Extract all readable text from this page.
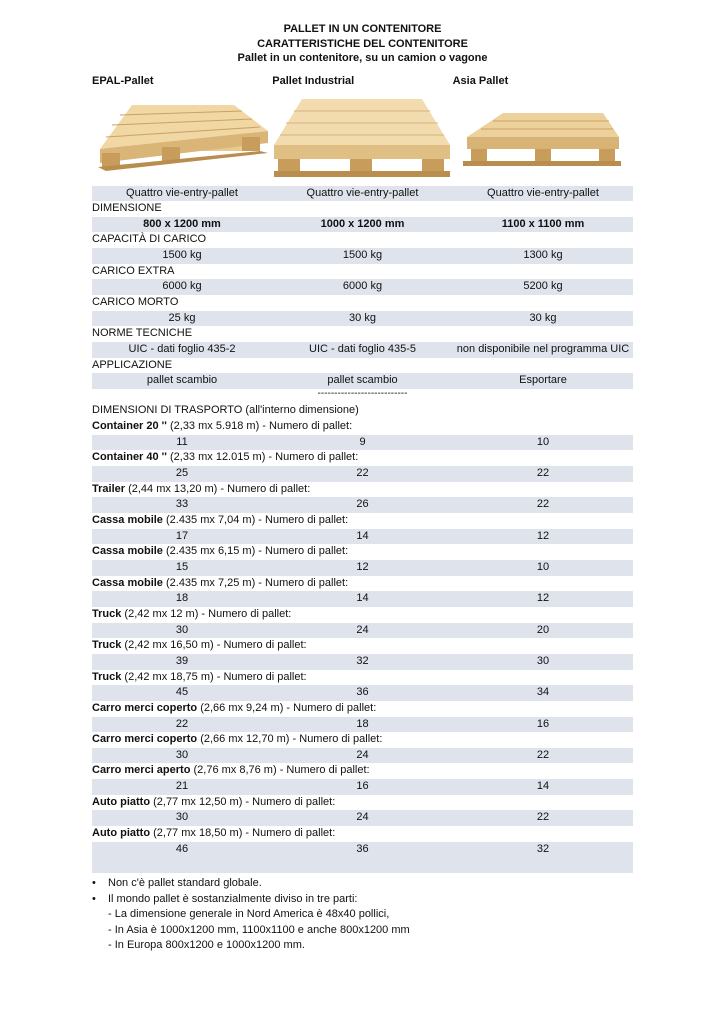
PALLET IN UN CONTENITORE
CARATTERISTICHE DEL CONTENITORE
Pallet in un contenitore, su un camion o vagone
EPAL-Pallet	Pallet Industrial	Asia Pallet
Quattro vie-entry-pallet	Quattro vie-entry-pallet	Quattro vie-entry-pallet
DIMENSIONE		
800 x 1200 mm	1000 x 1200 mm	1100 x 1100 mm
CAPACITÀ DI CARICO		
1500 kg	1500 kg	1300 kg
CARICO EXTRA		
6000 kg	6000 kg	5200 kg
CARICO MORTO		
25 kg	30 kg	30 kg
NORME TECNICHE		
UIC - dati foglio 435-2	UIC - dati foglio 435-5	non disponibile nel programma UIC
APPLICAZIONE		
pallet scambio	pallet scambio	Esportare
---------------------------
DIMENSIONI DI TRASPORTO (all'interno dimensione)
Container 20 '' (2,33 mx 5.918 m) - Numero di pallet:		
11	9	10
Container 40 '' (2,33 mx 12.015 m) - Numero di pallet:		
25	22	22
Trailer (2,44 mx 13,20 m) - Numero di pallet:		
33	26	22
Cassa mobile (2.435 mx 7,04 m) - Numero di pallet:		
17	14	12
Cassa mobile (2.435 mx 6,15 m) - Numero di pallet:		
15	12	10
Cassa mobile (2.435 mx 7,25 m) - Numero di pallet:		
18	14	12
Truck (2,42 mx 12 m) - Numero di pallet:		
30	24	20
Truck (2,42 mx 16,50 m) - Numero di pallet:		
39	32	30
Truck (2,42 mx 18,75 m) - Numero di pallet:		
45	36	34
Carro merci coperto (2,66 mx 9,24 m) - Numero di pallet:		
22	18	16
Carro merci coperto (2,66 mx 12,70 m) - Numero di pallet:		
30	24	22
Carro merci aperto (2,76 mx 8,76 m) - Numero di pallet:		
21	16	14
Auto piatto (2,77 mx 12,50 m) - Numero di pallet:		
30	24	22
Auto piatto (2,77 mx 18,50 m) - Numero di pallet:		
46	36	32

• Non c'è pallet standard globale.
• Il mondo pallet è sostanzialmente diviso in tre parti:
- La dimensione generale in Nord America è 48x40 pollici,
- In Asia è 1000x1200 mm, 1100x1100 e anche 800x1200 mm
- In Europa 800x1200 e 1000x1200 mm.
